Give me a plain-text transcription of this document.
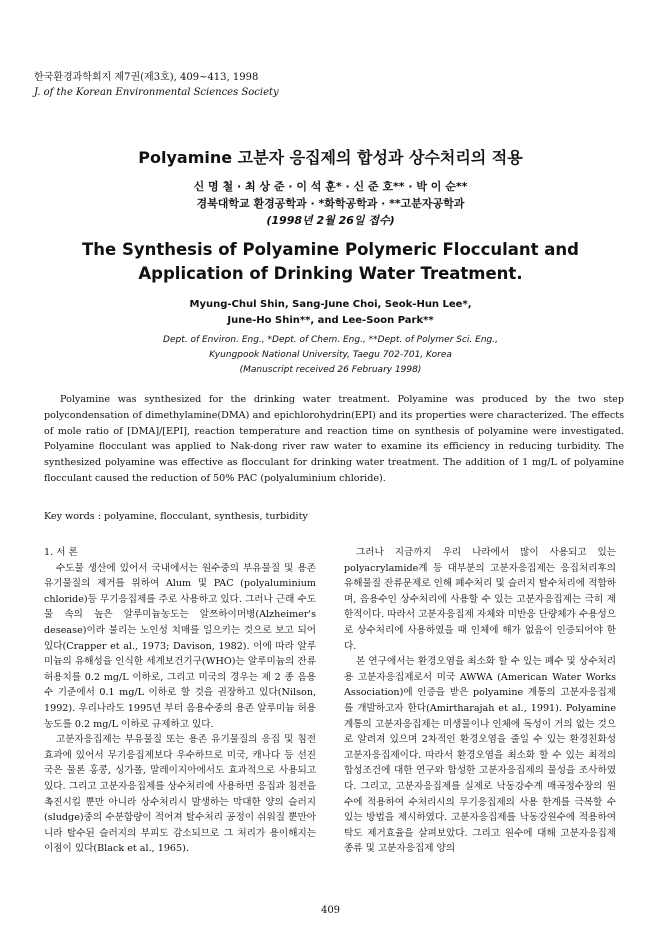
한국환경과학회지 제7권(제3호), 409~413, 1998
J. of the Korean Environmental Sciences Society
Polyamine 고분자 응집제의 합성과 상수처리의 적용
신 명 철 · 최 상 준 · 이 석 훈* · 신 준 호** · 박 이 순**
경북대학교 환경공학과 · *화학공학과 · **고분자공학과
(1998년 2월 26일 접수)
The Synthesis of Polyamine Polymeric Flocculant and
Application of Drinking Water Treatment.
Myung-Chul Shin, Sang-June Choi, Seok-Hun Lee*,
June-Ho Shin**, and Lee-Soon Park**
Dept. of Environ. Eng., *Dept. of Chem. Eng., **Dept. of Polymer Sci. Eng.,
Kyungpook National University, Taegu 702-701, Korea
(Manuscript received 26 February 1998)

Polyamine was synthesized for the drinking water treatment. Polyamine was produced by the two step polycondensation of dimethylamine(DMA) and epichlorohydrin(EPI) and its properties were characterized. The effects of mole ratio of [DMA]/[EPI], reaction temperature and reaction time on synthesis of polyamine were investigated. Polyamine flocculant was applied to Nak-dong river raw water to examine its efficiency in reducing turbidity. The synthesized polyamine was effective as flocculant for drinking water treatment. The addition of 1 mg/L of polyamine flocculant caused the reduction of 50% PAC (polyaluminium chloride).

Key words : polyamine, flocculant, synthesis, turbidity
1. 서 론

수도물 생산에 있어서 국내에서는 원수중의 부유물질 및 용존 유기물질의 제거를 위하여 Alum 및 PAC (polyaluminium chloride)등 무기응집제를 주로 사용하고 있다. 그러나 근래 수도물 속의 높은 알루미늄농도는 알쯔하이머병(Alzheimer's desease)이라 불리는 노인성 치매를 일으키는 것으로 보고 되어 있다(Crapper et al., 1973; Davison, 1982). 이에 따라 알루미늄의 유해성을 인식한 세계보건기구(WHO)는 알루미늄의 잔류 허용치를 0.2 mg/L 이하로, 그리고 미국의 경우는 제 2 종 음용수 기준에서 0.1 mg/L 이하로 할 것을 권장하고 있다(Nilson, 1992). 우리나라도 1995년 부터 음용수중의 용존 알루미늄 허용농도를 0.2 mg/L 이하로 규제하고 있다.

고분자응집제는 부유물질 또는 용존 유기물질의 응집 및 침전 효과에 있어서 무기응집제보다 우수하므로 미국, 캐나다 등 선진국은 물론 홍콩, 싱가폴, 말레이지아에서도 효과적으로 사용되고 있다. 그리고 고분자응집제를 상수처리에 사용하면 응집과 침전을 촉진시킬 뿐만 아니라 상수처리시 발생하는 막대한 양의 슬러지(sludge)중의 수분함량이 적어져 탈수처리 공정이 쉬워질 뿐만아니라 탈수된 슬러지의 부피도 감소되므로 그 처리가 용이해지는 이점이 있다(Black et al., 1965).

그러나 지금까지 우리 나라에서 많이 사용되고 있는 polyacrylamide계 등 대부분의 고분자응집제는 응집처리후의 유해물질 잔류문제로 인해 폐수처리 및 슬러지 탈수처리에 적합하며, 음용수인 상수처리에 사용할 수 있는 고분자응집제는 극히 제한적이다. 따라서 고분자응집제 자체와 미반응 단량체가 수용성으로 상수처리에 사용하였을 때 인체에 해가 없음이 인증되어야 한다.

본 연구에서는 환경오염을 최소화 할 수 있는 폐수 및 상수처리용 고분자응집제로서 미국 AWWA (American Water Works Association)에 인증을 받은 polyamine 계통의 고분자응집제를 개발하고자 한다(Amirtharajah et al., 1991). Polyamine 계통의 고분자응집제는 미생물이나 인체에 독성이 거의 없는 것으로 알려져 있으며 2차적인 환경오염을 줄일 수 있는 환경친화성 고분자응집제이다. 따라서 환경오염을 최소화 할 수 있는 최적의 합성조건에 대한 연구와 합성한 고분자응집제의 물성을 조사하였다. 그리고, 고분자응집제를 실제로 낙동강수계 매곡정수장의 원수에 적용하여 수처리시의 무기응집제의 사용 한계를 극복할 수 있는 방법을 제시하였다. 고분자응집제를 낙동강원수에 적용하여 탁도 제거효율을 살펴보았다. 그리고 원수에 대해 고분자응집제 종류 및 고분자응집제 양의

409
